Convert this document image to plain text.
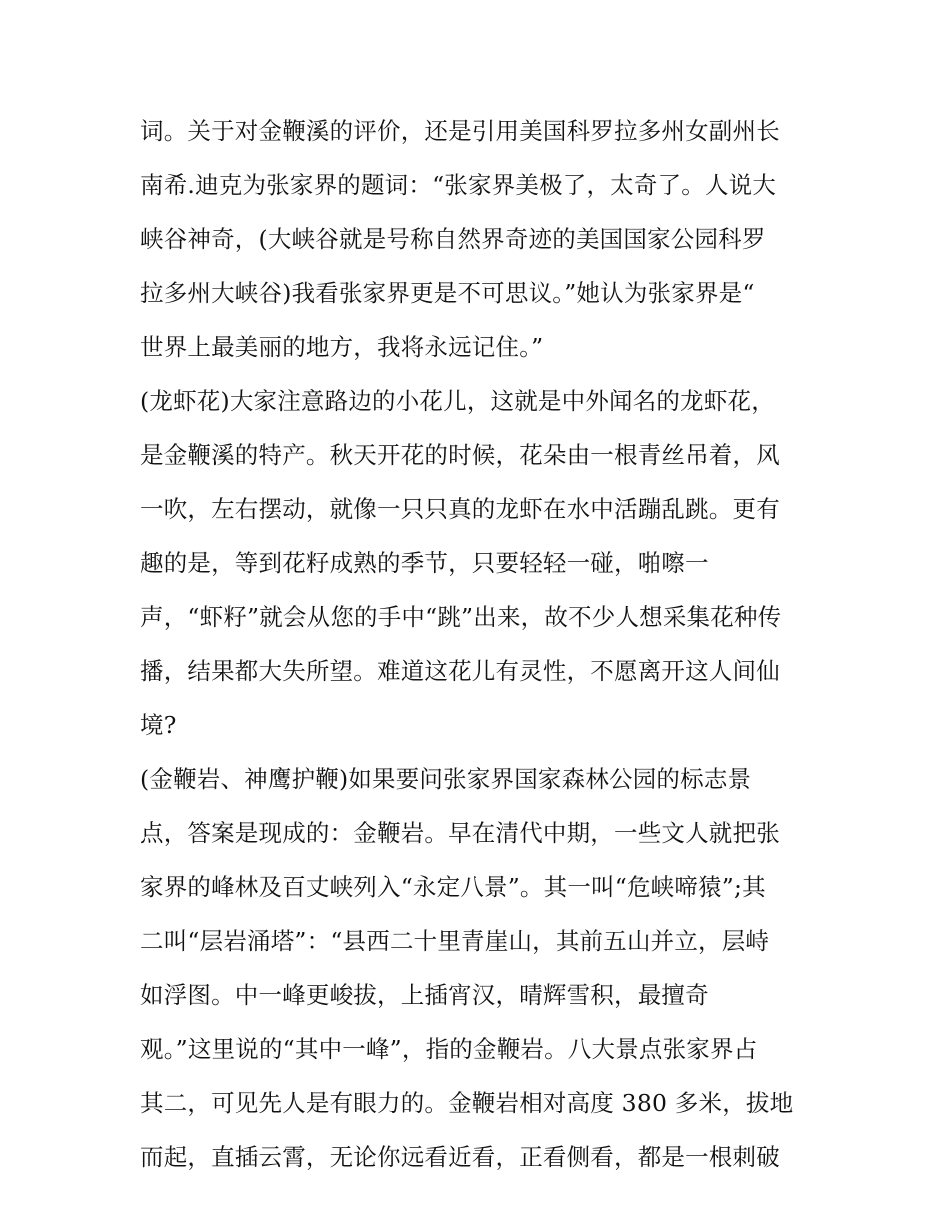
词。关于对金鞭溪的评价，还是引用美国科罗拉多州女副州长
南希.迪克为张家界的题词：“张家界美极了，太奇了。人说大
峡谷神奇，(大峡谷就是号称自然界奇迹的美国国家公园科罗
拉多州大峡谷)我看张家界更是不可思议。”她认为张家界是“
世界上最美丽的地方，我将永远记住。”
(龙虾花)大家注意路边的小花儿，这就是中外闻名的龙虾花，
是金鞭溪的特产。秋天开花的时候，花朵由一根青丝吊着，风
一吹，左右摆动，就像一只只真的龙虾在水中活蹦乱跳。更有
趣的是，等到花籽成熟的季节，只要轻轻一碰，啪嚓一
声，“虾籽”就会从您的手中“跳”出来，故不少人想采集花种传
播，结果都大失所望。难道这花儿有灵性，不愿离开这人间仙
境?
(金鞭岩、神鹰护鞭)如果要问张家界国家森林公园的标志景
点，答案是现成的：金鞭岩。早在清代中期，一些文人就把张
家界的峰林及百丈峡列入“永定八景”。其一叫“危峡啼猿”;其
二叫“层岩涌塔”：“县西二十里青崖山，其前五山并立，层峙
如浮图。中一峰更峻拔，上插宵汉，晴辉雪积，最擅奇
观。”这里说的“其中一峰”，指的金鞭岩。八大景点张家界占
其二，可见先人是有眼力的。金鞭岩相对高度 380 多米，拔地
而起，直插云霄，无论你远看近看，正看侧看，都是一根刺破
